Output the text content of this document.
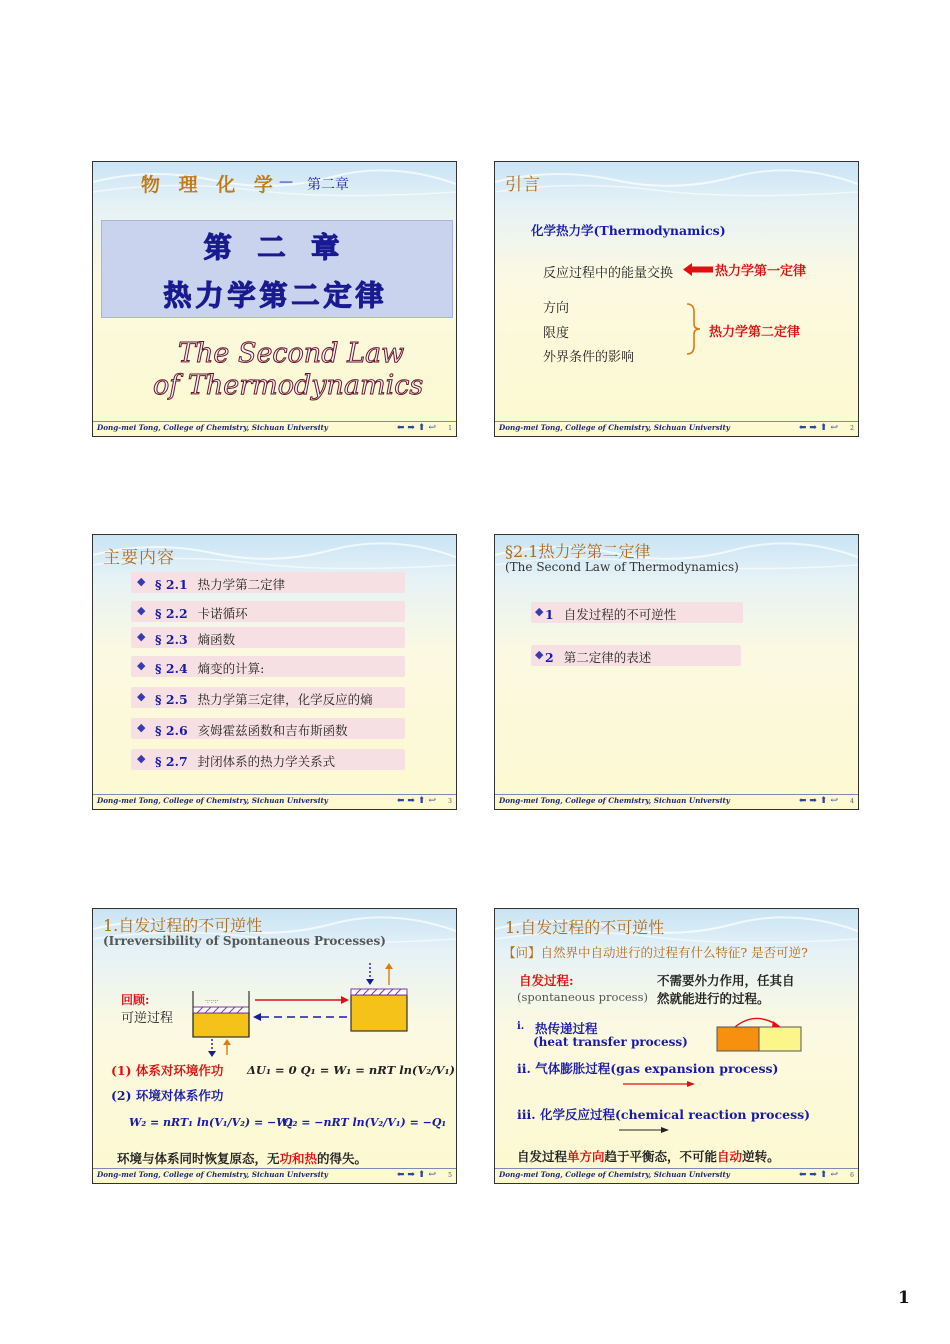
物 理 化 学 — 第二章
第 二 章
热力学第二定律
The Second Law
of Thermodynamics
Dong-mei Tong, College of Chemistry, Sichuan University	⬅ ➡ ⬆ ↩ 1
引言
化学热力学(Thermodynamics)
反应过程中的能量交换	热力学第一定律
方向
限度
外界条件的影响
热力学第二定律
Dong-mei Tong, College of Chemistry, Sichuan University	⬅ ➡ ⬆ ↩ 2
主要内容
◆ § 2.1 热力学第二定律
◆ § 2.2 卡诺循环
◆ § 2.3 熵函数
◆ § 2.4 熵变的计算:
◆ § 2.5 热力学第三定律，化学反应的熵
◆ § 2.6 亥姆霍兹函数和吉布斯函数
◆ § 2.7 封闭体系的热力学关系式
Dong-mei Tong, College of Chemistry, Sichuan University	⬅ ➡ ⬆ ↩ 3
§2.1热力学第二定律
(The Second Law of Thermodynamics)
◆ 1 自发过程的不可逆性
◆ 2 第二定律的表述
Dong-mei Tong, College of Chemistry, Sichuan University	⬅ ➡ ⬆ ↩ 4
1.自发过程的不可逆性
(Irreversibility of Spontaneous Processes)
回顾:
可逆过程
·:·:·:·
(1) 体系对环境作功 ΔU₁ = 0 Q₁ = W₁ = nRT ln(V₂/V₁)
(2) 环境对体系作功
W₂ = nRT₁ ln(V₁/V₂) = −W₁
Q₂ = −nRT ln(V₂/V₁) = −Q₁
环境与体系同时恢复原态，无功和热的得失。
Dong-mei Tong, College of Chemistry, Sichuan University	⬅ ➡ ⬆ ↩ 5
1.自发过程的不可逆性
【问】自然界中自动进行的过程有什么特征? 是否可逆?
自发过程:
(spontaneous process)
不需要外力作用，任其自
然就能进行的过程。
i. 热传递过程
(heat transfer process)
ii. 气体膨胀过程(gas expansion process)
iii. 化学反应过程(chemical reaction process)
自发过程单方向趋于平衡态，不可能自动逆转。
Dong-mei Tong, College of Chemistry, Sichuan University	⬅ ➡ ⬆ ↩ 6
1
